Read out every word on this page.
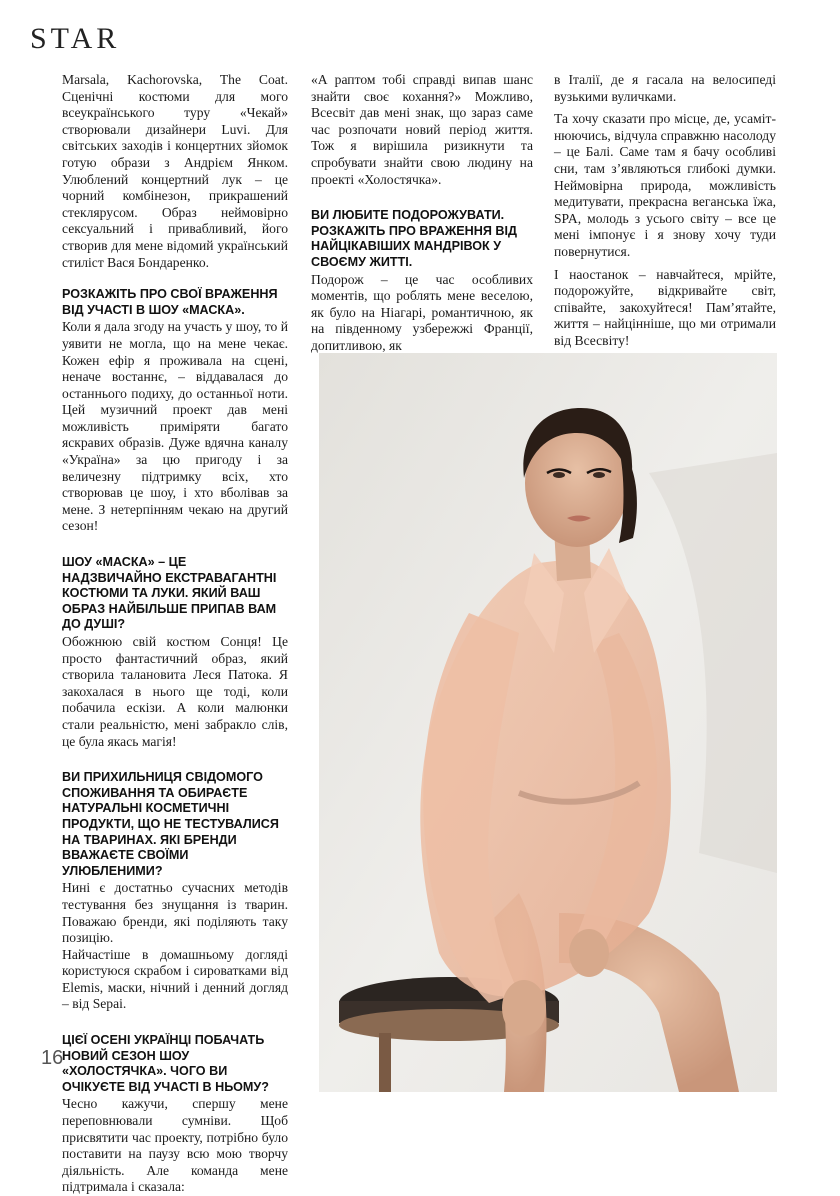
STAR

Marsala, Kachorovska, The Coat. Сценічні костюми для мого всеукраїнського туру «Чекай» створювали дизайнери Luvi. Для світських заходів і концертних зйомок готую образи з Андрієм Янком. Улюблений концертний лук – це чорний комбінезон, прикрашений стеклярусом. Образ неймовірно сексуальний і привабливий, його створив для мене відомий український стиліст Вася Бондаренко.

РОЗКАЖІТЬ ПРО СВОЇ ВРАЖЕННЯ ВІД УЧАСТІ В ШОУ «МАСКА».

Коли я дала згоду на участь у шоу, то й уявити не могла, що на мене чекає. Кожен ефір я проживала на сцені, неначе востаннє, – віддавалася до останнього подиху, до останньої ноти. Цей музичний проект дав мені можливість приміряти багато яскравих образів. Дуже вдячна каналу «Україна» за цю пригоду і за величезну підтримку всіх, хто створював це шоу, і хто вболівав за мене. З нетерпінням чекаю на другий сезон!

ШОУ «МАСКА» – ЦЕ НАДЗВИЧАЙНО ЕКСТРАВАГАНТНІ КОСТЮМИ ТА ЛУКИ. ЯКИЙ ВАШ ОБРАЗ НАЙБІЛЬШЕ ПРИПАВ ВАМ ДО ДУШІ?

Обожнюю свій костюм Сонця! Це просто фантастичний образ, який створила талановита Леся Патока. Я закохалася в нього ще тоді, коли побачила ескізи. А коли малюнки стали реальністю, мені забракло слів, це була якась магія!

ВИ ПРИХИЛЬНИЦЯ СВІДОМОГО СПОЖИВАННЯ ТА ОБИРАЄТЕ НАТУРАЛЬНІ КОСМЕТИЧНІ ПРОДУКТИ, ЩО НЕ ТЕСТУВАЛИСЯ НА ТВАРИНАХ. ЯКІ БРЕНДИ ВВАЖАЄТЕ СВОЇМИ УЛЮБЛЕНИМИ?

Нині є достатньо сучасних методів тестування без знущання із тварин. Поважаю бренди, які поділяють таку позицію.

Найчастіше в домашньому догляді користуюся скрабом і сироватками від Elemis, маски, нічний і денний догляд – від Sepai.

ЦІЄЇ ОСЕНІ УКРАЇНЦІ ПОБАЧАТЬ НОВИЙ СЕЗОН ШОУ «ХОЛОСТЯЧКА». ЧОГО ВИ ОЧІКУЄТЕ ВІД УЧАСТІ В НЬОМУ?

Чесно кажучи, спершу мене переповнювали сумніви. Щоб присвятити час проекту, потрібно було поставити на паузу всю мою творчу діяльність. Але команда мене підтримала і сказала:

«А раптом тобі справді випав шанс знайти своє кохання?» Можливо, Всесвіт дав мені знак, що зараз саме час розпочати новий період життя. Тож я вирішила ризикнути та спробувати знайти свою людину на проекті «Холостячка».

ВИ ЛЮБИТЕ ПОДОРОЖУВАТИ. РОЗКАЖІТЬ ПРО ВРАЖЕННЯ ВІД НАЙЦІКАВІШИХ МАНДРІВОК У СВОЄМУ ЖИТТІ.

Подорож – це час особливих моментів, що роблять мене веселою, як було на Ніагарі, романтичною, як на південному узбережжі Франції, допитливою, як

в Італії, де я гасала на велосипеді вузькими вуличками.

Та хочу сказати про місце, де, усамітнюючись, відчула справжню насолоду – це Балі. Саме там я бачу особливі сни, там з’являються глибокі думки. Неймовірна природа, можливість медитувати, прекрасна веганська їжа, SPA, молодь з усього світу – все це мені імпонує і я знову хочу туди повернутися.

І наостанок – навчайтеся, мрійте, подорожуйте, відкривайте світ, співайте, закохуйтеся! Пам’ятайте, життя – найцінніше, що ми отримали від Всесвіту!

16
